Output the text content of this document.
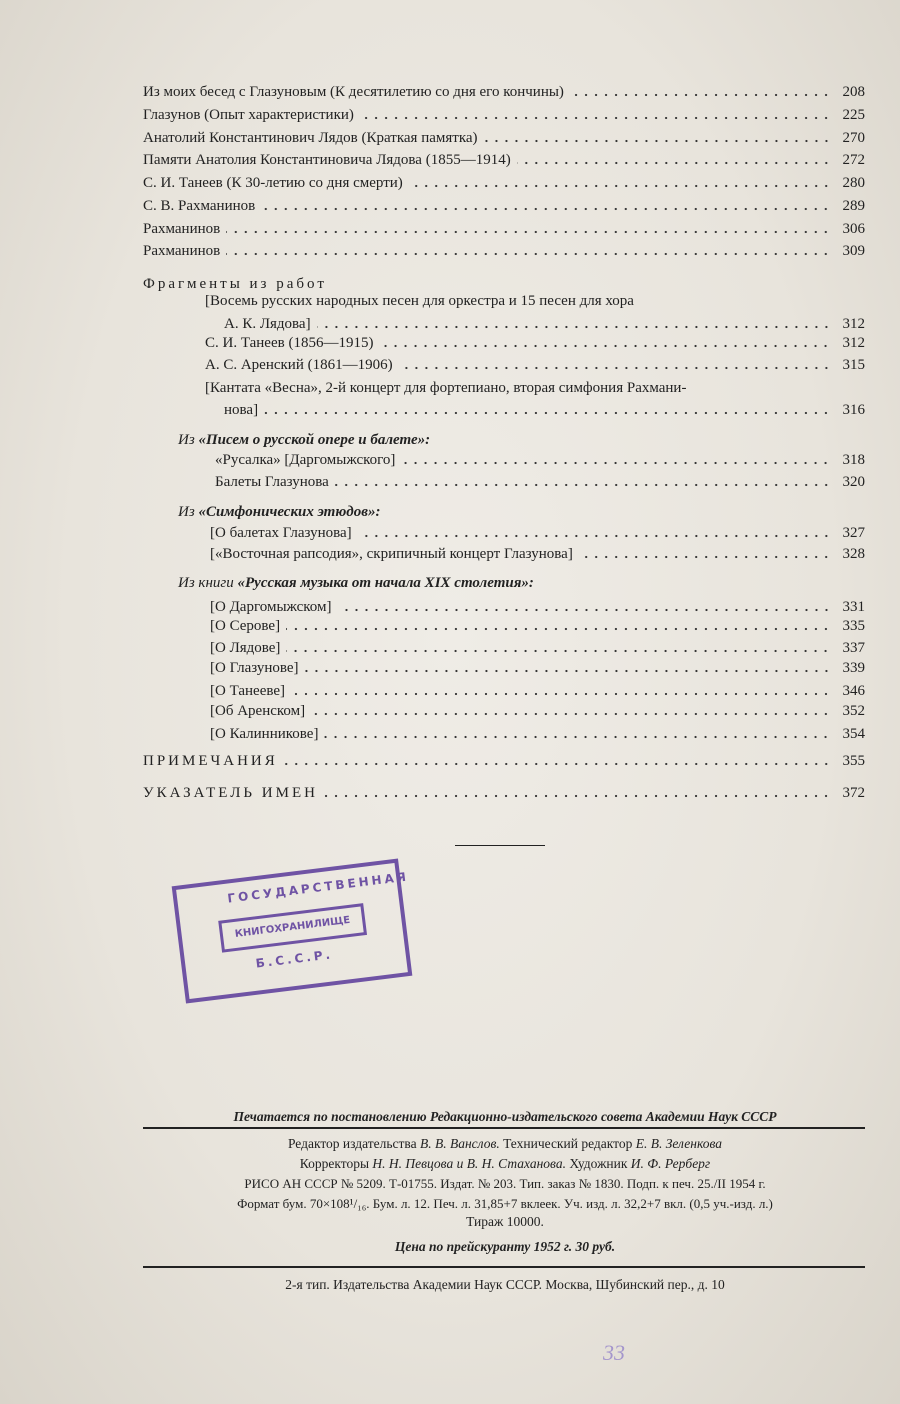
Из моих бесед с Глазуновым (К десятилетию со дня его кончины)	208
Глазунов (Опыт характеристики)	225
Анатолий Константинович Лядов (Краткая памятка)	270
Памяти Анатолия Константиновича Лядова (1855—1914)	272
С. И. Танеев (К 30-летию со дня смерти)	280
С. В. Рахманинов	289
Рахманинов	306
Рахманинов	309
Фрагменты из работ
[Восемь русских народных песен для оркестра и 15 песен для хора
А. К. Лядова]	312
С. И. Танеев (1856—1915)	312
А. С. Аренский (1861—1906)	315
[Кантата «Весна», 2-й концерт для фортепиано, вторая симфония Рахмани-
нова]	316
Из «Писем о русской опере и балете»:
«Русалка» [Даргомыжского]	318
Балеты Глазунова	320
Из «Симфонических этюдов»:
[О балетах Глазунова]	327
[«Восточная рапсодия», скрипичный концерт Глазунова]	328
Из книги «Русская музыка от начала XIX столетия»:
[О Даргомыжском]	331
[О Серове]	335
[О Лядове]	337
[О Глазунове]	339
[О Танееве]	346
[Об Аренском]	352
[О Калинникове]	354
ПРИМЕЧАНИЯ	355
УКАЗАТЕЛЬ ИМЕН	372
ГОСУДАРСТВЕННАЯ
КНИГОХРАНИЛИЩЕ
Б.С.С.Р.
Печатается по постановлению Редакционно-издательского совета Академии Наук СССР
Редактор издательства В. В. Ванслов. Технический редактор Е. В. Зеленкова
Корректоры Н. Н. Певцова и В. Н. Стаханова. Художник И. Ф. Рерберг
РИСО АН СССР № 5209. Т-01755. Издат. № 203. Тип. заказ № 1830. Подп. к печ. 25./II 1954 г.
Формат бум. 70×108¹/₁₆. Бум. л. 12. Печ. л. 31,85+7 вклеек. Уч. изд. л. 32,2+7 вкл. (0,5 уч.-изд. л.)
Тираж 10000.
Цена по прейскуранту 1952 г. 30 руб.
2-я тип. Издательства Академии Наук СССР. Москва, Шубинский пер., д. 10
33
